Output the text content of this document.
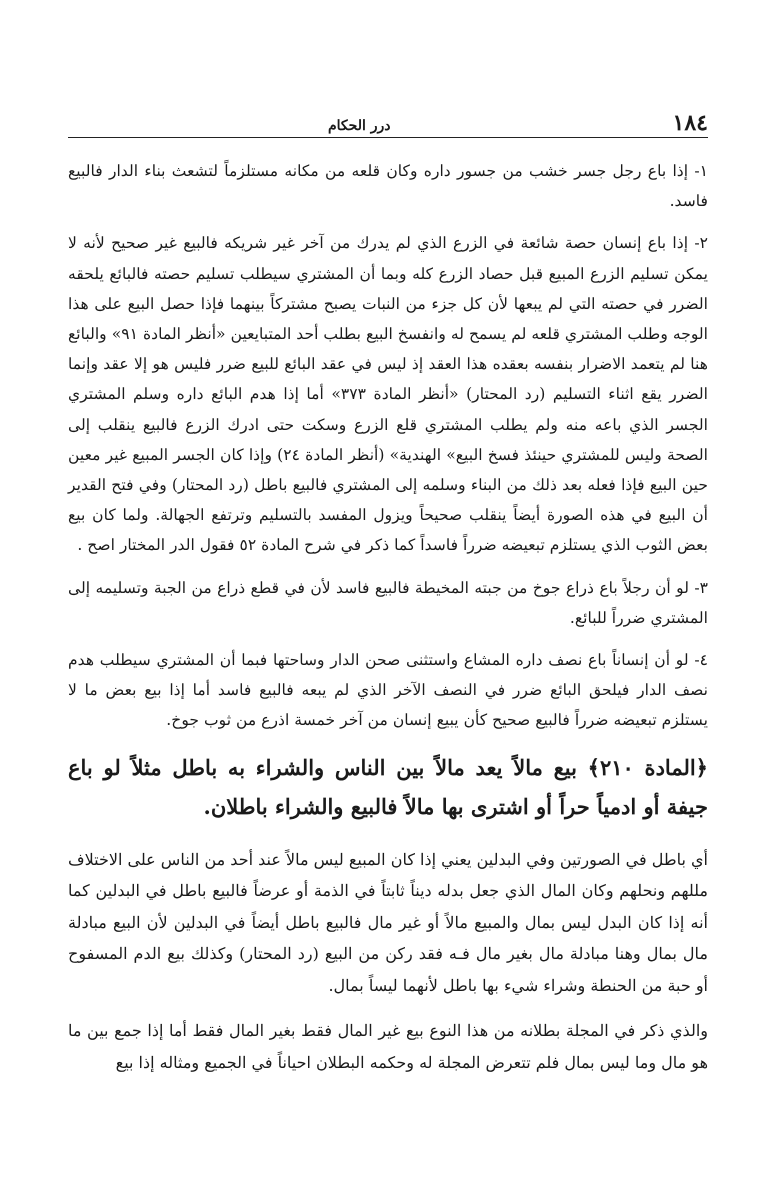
١٨٤
درر الحكام

١- إذا باع رجل جسر خشب من جسور داره وكان قلعه من مكانه مستلزماً لتشعث بناء الدار فالبيع فاسد.

٢- إذا باع إنسان حصة شائعة في الزرع الذي لم يدرك من آخر غير شريكه فالبيع غير صحيح لأنه لا يمكن تسليم الزرع المبيع قبل حصاد الزرع كله وبما أن المشتري سيطلب تسليم حصته فالبائع يلحقه الضرر في حصته التي لم يبعها لأن كل جزء من النبات يصبح مشتركاً بينهما فإذا حصل البيع على هذا الوجه وطلب المشتري قلعه لم يسمح له وانفسخ البيع بطلب أحد المتبايعين «أنظر المادة ٩١» والبائع هنا لم يتعمد الاضرار بنفسه بعقده هذا العقد إذ ليس في عقد البائع للبيع ضرر فليس هو إلا عقد وإنما الضرر يقع اثناء التسليم (رد المحتار) «أنظر المادة ٣٧٣» أما إذا هدم البائع داره وسلم المشتري الجسر الذي باعه منه ولم يطلب المشتري قلع الزرع وسكت حتى ادرك الزرع فالبيع ينقلب إلى الصحة وليس للمشتري حينئذ فسخ البيع» الهندية» (أنظر المادة ٢٤) وإذا كان الجسر المبيع غير معين حين البيع فإذا فعله بعد ذلك من البناء وسلمه إلى المشتري فالبيع باطل (رد المحتار) وفي فتح القدير أن البيع في هذه الصورة أيضاً ينقلب صحيحاً ويزول المفسد بالتسليم وترتفع الجهالة. ولما كان بيع بعض الثوب الذي يستلزم تبعيضه ضرراً فاسداً كما ذكر في شرح المادة ٥٢ فقول الدر المختار اصح .

٣- لو أن رجلاً باع ذراع جوخ من جبته المخيطة فالبيع فاسد لأن في قطع ذراع من الجبة وتسليمه إلى المشتري ضرراً للبائع.

٤- لو أن إنساناً باع نصف داره المشاع واستثنى صحن الدار وساحتها فبما أن المشتري سيطلب هدم نصف الدار فيلحق البائع ضرر في النصف الآخر الذي لم يبعه فالبيع فاسد أما إذا بيع بعض ما لا يستلزم تبعيضه ضرراً فالبيع صحيح كأن يبيع إنسان من آخر خمسة اذرع من ثوب جوخ.

﴿المادة ٢١٠﴾ بيع مالاً يعد مالاً بين الناس والشراء به باطل مثلاً لو باع جيفة أو ادمياً حراً أو اشترى بها مالاً فالبيع والشراء باطلان.

أي باطل في الصورتين وفي البدلين يعني إذا كان المبيع ليس مالاً عند أحد من الناس على الاختلاف مللهم ونحلهم وكان المال الذي جعل بدله ديناً ثابتاً في الذمة أو عرضاً فالبيع باطل في البدلين كما أنه إذا كان البدل ليس بمال والمبيع مالاً أو غير مال فالبيع باطل أيضاً في البدلين لأن البيع مبادلة مال بمال وهنا مبادلة مال بغير مال فـه فقد ركن من البيع (رد المحتار) وكذلك بيع الدم المسفوح أو حبة من الحنطة وشراء شيء بها باطل لأنهما ليساً بمال.

والذي ذكر في المجلة بطلانه من هذا النوع بيع غير المال فقط بغير المال فقط أما إذا جمع بين ما هو مال وما ليس بمال فلم تتعرض المجلة له وحكمه البطلان احياناً في الجميع ومثاله إذا بيع
